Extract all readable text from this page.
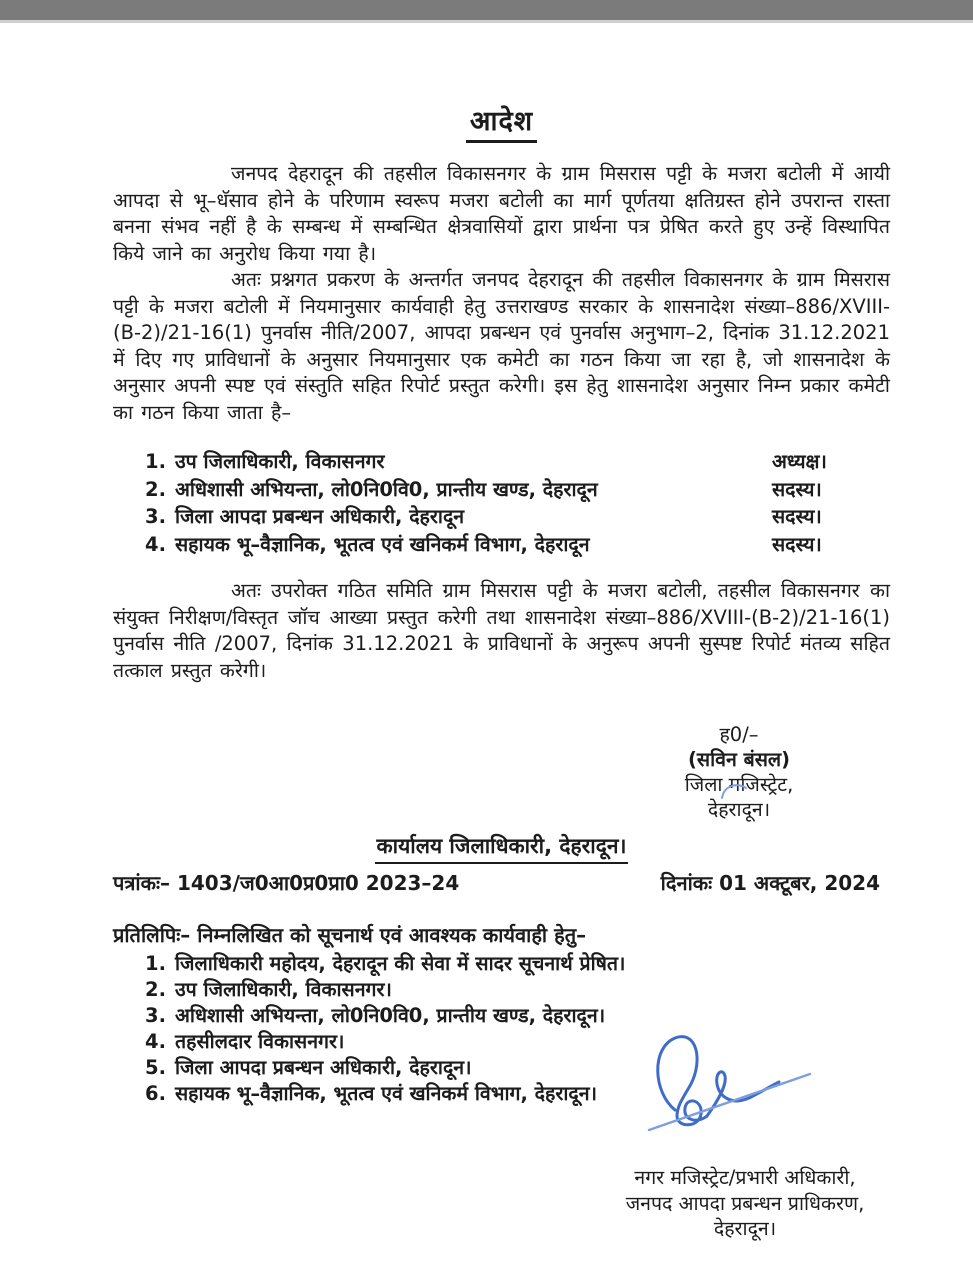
आदेश

जनपद देहरादून की तहसील विकासनगर के ग्राम मिसरास पट्टी के मजरा बटोली में आयी आपदा से भू–धॅसाव होने के परिणाम स्वरूप मजरा बटोली का मार्ग पूर्णतया क्षतिग्रस्त होने उपरान्त रास्ता बनना संभव नहीं है के सम्बन्ध में सम्बन्धित क्षेत्रवासियों द्वारा प्रार्थना पत्र प्रेषित करते हुए उन्हें विस्थापित किये जाने का अनुरोध किया गया है।

अतः प्रश्नगत प्रकरण के अन्तर्गत जनपद देहरादून की तहसील विकासनगर के ग्राम मिसरास पट्टी के मजरा बटोली में नियमानुसार कार्यवाही हेतु उत्तराखण्ड सरकार के शासनादेश संख्या–886/XVIII-(B-2)/21-16(1) पुनर्वास नीति/2007, आपदा प्रबन्धन एवं पुनर्वास अनुभाग–2, दिनांक 31.12.2021 में दिए गए प्राविधानों के अनुसार नियमानुसार एक कमेटी का गठन किया जा रहा है, जो शासनादेश के अनुसार अपनी स्पष्ट एवं संस्तुति सहित रिपोर्ट प्रस्तुत करेगी। इस हेतु शासनादेश अनुसार निम्न प्रकार कमेटी का गठन किया जाता है–

1. उप जिलाधिकारी, विकासनगर	अध्यक्ष।
2. अधिशासी अभियन्ता, लो0नि0वि0, प्रान्तीय खण्ड, देहरादून	सदस्य।
3. जिला आपदा प्रबन्धन अधिकारी, देहरादून	सदस्य।
4. सहायक भू–वैज्ञानिक, भूतत्व एवं खनिकर्म विभाग, देहरादून	सदस्य।

अतः उपरोक्त गठित समिति ग्राम मिसरास पट्टी के मजरा बटोली, तहसील विकासनगर का संयुक्त निरीक्षण/विस्तृत जॉच आख्या प्रस्तुत करेगी तथा शासनादेश संख्या–886/XVIII-(B-2)/21-16(1) पुनर्वास नीति /2007, दिनांक 31.12.2021 के प्राविधानों के अनुरूप अपनी सुस्पष्ट रिपोर्ट मंतव्य सहित तत्काल प्रस्तुत करेगी।

ह0/–
(सविन बंसल)
जिला मजिस्ट्रेट,
देहरादून।
कार्यालय जिलाधिकारी, देहरादून।
पत्रांकः– 1403/ज0आ0प्र0प्रा0 2023–24	दिनांकः 01 अक्टूबर, 2024
प्रतिलिपिः– निम्नलिखित को सूचनार्थ एवं आवश्यक कार्यवाही हेतु–
1. जिलाधिकारी महोदय, देहरादून की सेवा में सादर सूचनार्थ प्रेषित।
2. उप जिलाधिकारी, विकासनगर।
3. अधिशासी अभियन्ता, लो0नि0वि0, प्रान्तीय खण्ड, देहरादून।
4. तहसीलदार विकासनगर।
5. जिला आपदा प्रबन्धन अधिकारी, देहरादून।
6. सहायक भू–वैज्ञानिक, भूतत्व एवं खनिकर्म विभाग, देहरादून।
नगर मजिस्ट्रेट/प्रभारी अधिकारी,
जनपद आपदा प्रबन्धन प्राधिकरण,
देहरादून।
